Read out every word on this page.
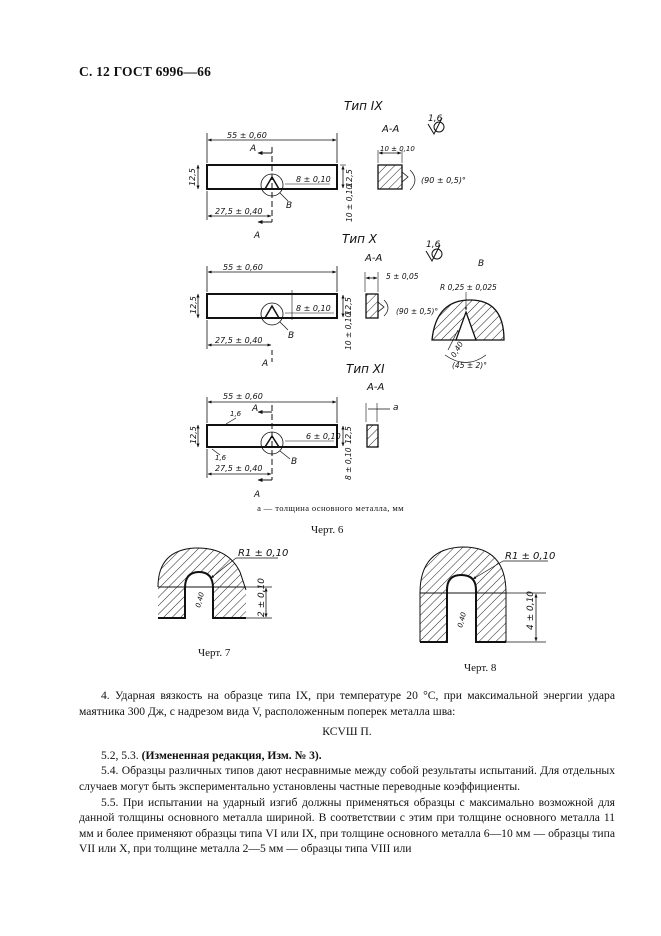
С. 12 ГОСТ 6996—66
Тип IX
А-А
1,6
55 ± 0,60
А
А
В
12,5	8 ± 0,10 12,5
10 ± 0,10
27,5 ± 0,40
10 ± 0,10
(90 ± 0,5)°
Тип X
А-А
1,6
В
55 ± 0,60
12,5	8 ± 0,10
В
12,5
10 ± 0,10
27,5 ± 0,40
А
5 ± 0,05
(90 ± 0,5)°
R 0,25 ± 0,025
0,40
(45 ± 2)°
Тип XI
А-А
55 ± 0,60
А
А
В
1,6
1,6
12,5	6 ± 0,10 12,5
8 ± 0,10
27,5 ± 0,40
а
R1 ± 0,10
2 ± 0,10
0,40
R1 ± 0,10
4 ± 0,10
0,40
а — толщина основного металла, мм
Черт. 6
Черт. 7
Черт. 8

4. Ударная вязкость на образце типа IX, при температуре 20 °С, при максимальной энергии удара маятника 300 Дж, с надрезом вида V, расположенным поперек металла шва:

КСVШ П.

5.2, 5.3. (Измененная редакция, Изм. № 3).

5.4. Образцы различных типов дают несравнимые между собой результаты испытаний. Для отдельных случаев могут быть экспериментально установлены частные переводные коэффициенты.

5.5. При испытании на ударный изгиб должны применяться образцы с максимально возможной для данной толщины основного металла шириной. В соответствии с этим при толщине основного металла 11 мм и более применяют образцы типа VI или IX, при толщине основного металла 6—10 мм — образцы типа VII или X, при толщине металла 2—5 мм — образцы типа VIII или
